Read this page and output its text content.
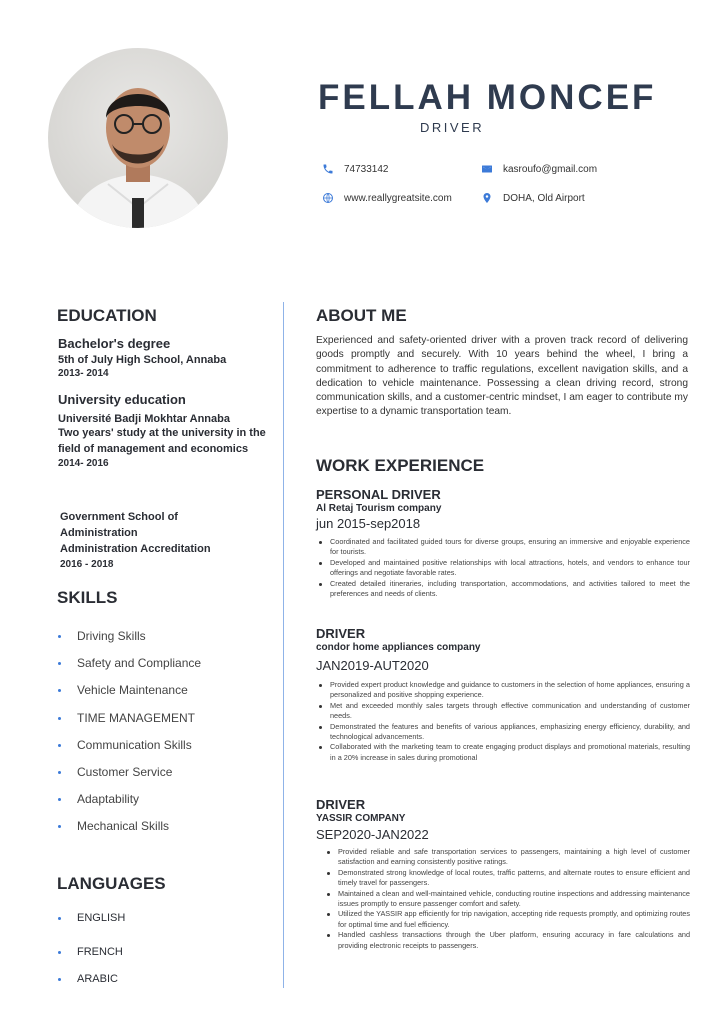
FELLAH MONCEF
DRIVER
74733142	kasroufo@gmail.com
www.reallygreatsite.com	DOHA, Old Airport
EDUCATION
Bachelor's degree
5th of July High School, Annaba
2013- 2014
University education
Université Badji Mokhtar Annaba
Two years' study at the university in the field of management and economics
2014- 2016
Government School of Administration
Administration Accreditation
2016 - 2018
SKILLS
Driving Skills
Safety and Compliance
Vehicle Maintenance
TIME MANAGEMENT
Communication Skills
Customer Service
Adaptability
Mechanical Skills
LANGUAGES
ENGLISH
FRENCH
ARABIC
ABOUT ME
Experienced and safety-oriented driver with a proven track record of delivering goods promptly and securely. With 10 years behind the wheel, I bring a commitment to adherence to traffic regulations, excellent navigation skills, and a dedication to vehicle maintenance. Possessing a clean driving record, strong communication skills, and a customer-centric mindset, I am eager to contribute my expertise to a dynamic transportation team.
WORK EXPERIENCE
PERSONAL DRIVER
Al Retaj Tourism company
jun 2015-sep2018
Coordinated and facilitated guided tours for diverse groups, ensuring an immersive and enjoyable experience for tourists.
Developed and maintained positive relationships with local attractions, hotels, and vendors to enhance tour offerings and negotiate favorable rates.
Created detailed itineraries, including transportation, accommodations, and activities tailored to meet the preferences and needs of clients.
DRIVER
condor home appliances company
JAN2019-AUT2020
Provided expert product knowledge and guidance to customers in the selection of home appliances, ensuring a personalized and positive shopping experience.
Met and exceeded monthly sales targets through effective communication and understanding of customer needs.
Demonstrated the features and benefits of various appliances, emphasizing energy efficiency, durability, and technological advancements.
Collaborated with the marketing team to create engaging product displays and promotional materials, resulting in a 20% increase in sales during promotional
DRIVER
YASSIR COMPANY
SEP2020-JAN2022
Provided reliable and safe transportation services to passengers, maintaining a high level of customer satisfaction and earning consistently positive ratings.
Demonstrated strong knowledge of local routes, traffic patterns, and alternate routes to ensure efficient and timely travel for passengers.
Maintained a clean and well-maintained vehicle, conducting routine inspections and addressing maintenance issues promptly to ensure passenger comfort and safety.
Utilized the YASSIR app efficiently for trip navigation, accepting ride requests promptly, and optimizing routes for optimal time and fuel efficiency.
Handled cashless transactions through the Uber platform, ensuring accuracy in fare calculations and providing electronic receipts to passengers.
